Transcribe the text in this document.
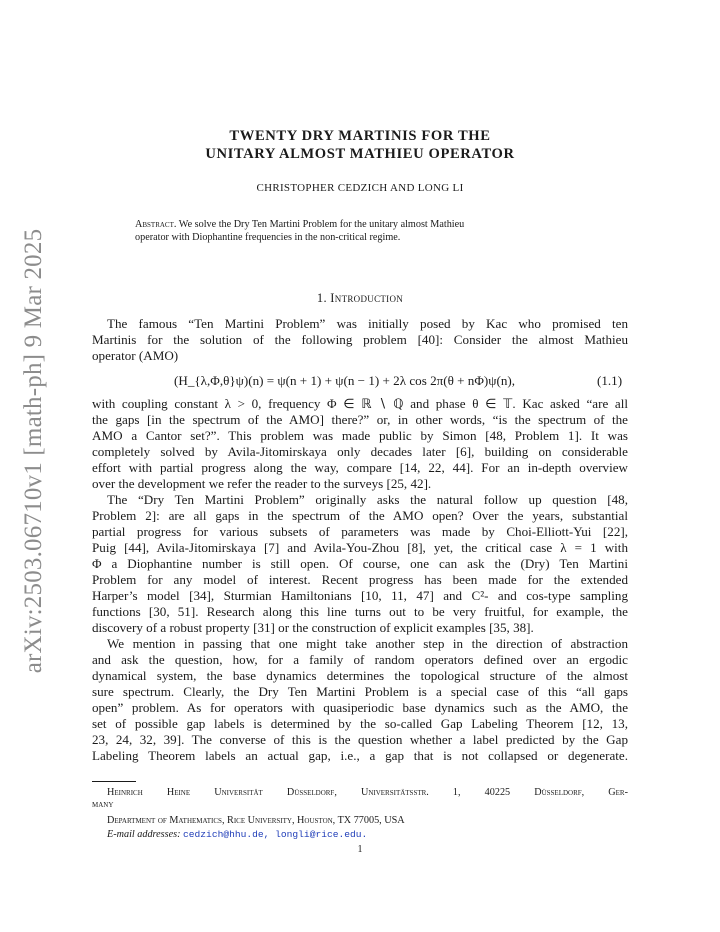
arXiv:2503.06710v1 [math-ph] 9 Mar 2025
TWENTY DRY MARTINIS FOR THE
UNITARY ALMOST MATHIEU OPERATOR
CHRISTOPHER CEDZICH AND LONG LI
Abstract. We solve the Dry Ten Martini Problem for the unitary almost Mathieu
operator with Diophantine frequencies in the non-critical regime.
1. Introduction
The famous “Ten Martini Problem” was initially posed by Kac who promised ten
Martinis for the solution of the following problem [40]: Consider the almost Mathieu
operator (AMO)
(H_{λ,Φ,θ}ψ)(n) = ψ(n + 1) + ψ(n − 1) + 2λ cos 2π(θ + nΦ)ψ(n),	(1.1)
with coupling constant λ > 0, frequency Φ ∈ ℝ ∖ ℚ and phase θ ∈ 𝕋. Kac asked “are all
the gaps [in the spectrum of the AMO] there?” or, in other words, “is the spectrum of the
AMO a Cantor set?”. This problem was made public by Simon [48, Problem 1]. It was
completely solved by Avila-Jitomirskaya only decades later [6], building on considerable
effort with partial progress along the way, compare [14, 22, 44]. For an in-depth overview
over the development we refer the reader to the surveys [25, 42].
The “Dry Ten Martini Problem” originally asks the natural follow up question [48,
Problem 2]: are all gaps in the spectrum of the AMO open? Over the years, substantial
partial progress for various subsets of parameters was made by Choi-Elliott-Yui [22],
Puig [44], Avila-Jitomirskaya [7] and Avila-You-Zhou [8], yet, the critical case λ = 1 with
Φ a Diophantine number is still open. Of course, one can ask the (Dry) Ten Martini
Problem for any model of interest. Recent progress has been made for the extended
Harper’s model [34], Sturmian Hamiltonians [10, 11, 47] and C²- and cos-type sampling
functions [30, 51]. Research along this line turns out to be very fruitful, for example, the
discovery of a robust property [31] or the construction of explicit examples [35, 38].
We mention in passing that one might take another step in the direction of abstraction
and ask the question, how, for a family of random operators defined over an ergodic
dynamical system, the base dynamics determines the topological structure of the almost
sure spectrum. Clearly, the Dry Ten Martini Problem is a special case of this “all gaps
open” problem. As for operators with quasiperiodic base dynamics such as the AMO, the
set of possible gap labels is determined by the so-called Gap Labeling Theorem [12, 13,
23, 24, 32, 39]. The converse of this is the question whether a label predicted by the Gap
Labeling Theorem labels an actual gap, i.e., a gap that is not collapsed or degenerate.
Heinrich Heine Universität Düsseldorf, Universitätsstr. 1, 40225 Düsseldorf, Ger-
many
Department of Mathematics, Rice University, Houston, TX 77005, USA
E-mail addresses: cedzich@hhu.de, longli@rice.edu.
1
